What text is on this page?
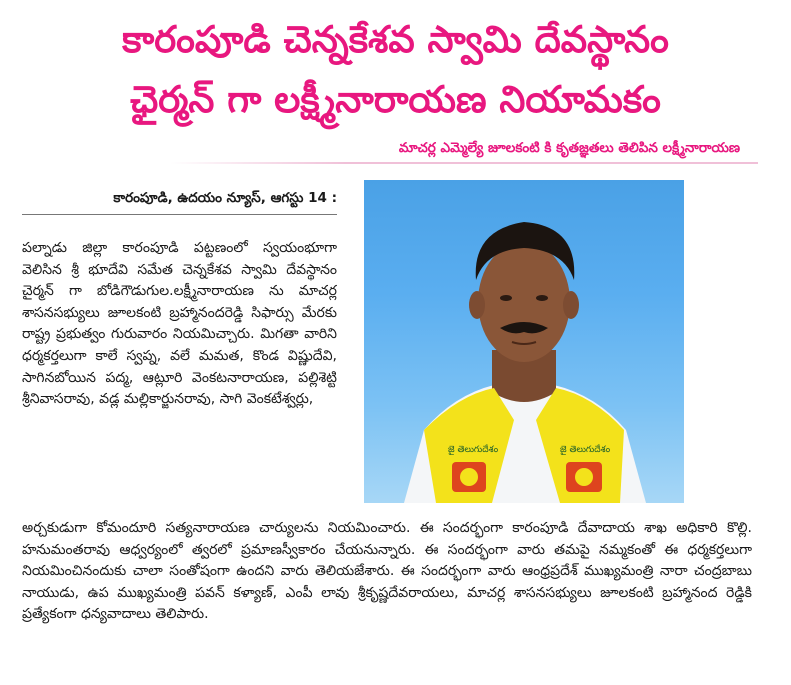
కారంపూడి చెన్నకేశవ స్వామి దేవస్థానం
ఛైర్మన్ గా లక్ష్మీనారాయణ నియామకం
మాచర్ల ఎమ్మెల్యే జూలకంటి కి కృతజ్ఞతలు తెలిపిన లక్ష్మీనారాయణ
కారంపూడి, ఉదయం న్యూస్, ఆగస్టు 14 :
పల్నాడు జిల్లా కారంపూడి పట్టణంలో స్వయంభూగా వెలిసిన శ్రీ భూదేవి సమేత చెన్నకేశవ స్వామి దేవస్థానం చైర్మన్ గా బోడిగౌడుగుల.లక్ష్మీనారాయణ ను మాచర్ల శాసనసభ్యులు జూలకంటి బ్రహ్మానందరెడ్డి సిఫార్సు మేరకు రాష్ట్ర ప్రభుత్వం గురువారం నియమిచ్చారు. మిగతా వారిని ధర్మకర్తలుగా కాలే స్వప్న, వలే మమత, కొండ విష్ణుదేవి, సాగినబోయిన పద్మ, ఆట్లూరి వెంకటనారాయణ, పల్లిశెట్టి శ్రీనివాసరావు, వడ్ల మల్లికార్జునరావు, సాగి వెంకటేశ్వర్లు,
జై తెలుగుదేశం	జై తెలుగుదేశం
అర్చకుడుగా కోమందూరి సత్యనారాయణ చార్యులను నియమించారు. ఈ సందర్భంగా కారంపూడి దేవాదాయ శాఖ అధికారి కొల్లి. హనుమంతరావు ఆధ్వర్యంలో త్వరలో ప్రమాణస్వీకారం చేయనున్నారు. ఈ సందర్భంగా వారు తమపై నమ్మకంతో ఈ ధర్మకర్తలుగా నియమించినందుకు చాలా సంతోషంగా ఉందని వారు తెలియజేశారు. ఈ సందర్భంగా వారు ఆంధ్రప్రదేశ్ ముఖ్యమంత్రి నారా చంద్రబాబు నాయుడు, ఉప ముఖ్యమంత్రి పవన్ కళ్యాణ్, ఎంపీ లావు శ్రీకృష్ణదేవరాయలు, మాచర్ల శాసనసభ్యులు జూలకంటి బ్రహ్మానంద రెడ్డికి ప్రత్యేకంగా ధన్యవాదాలు తెలిపారు.
